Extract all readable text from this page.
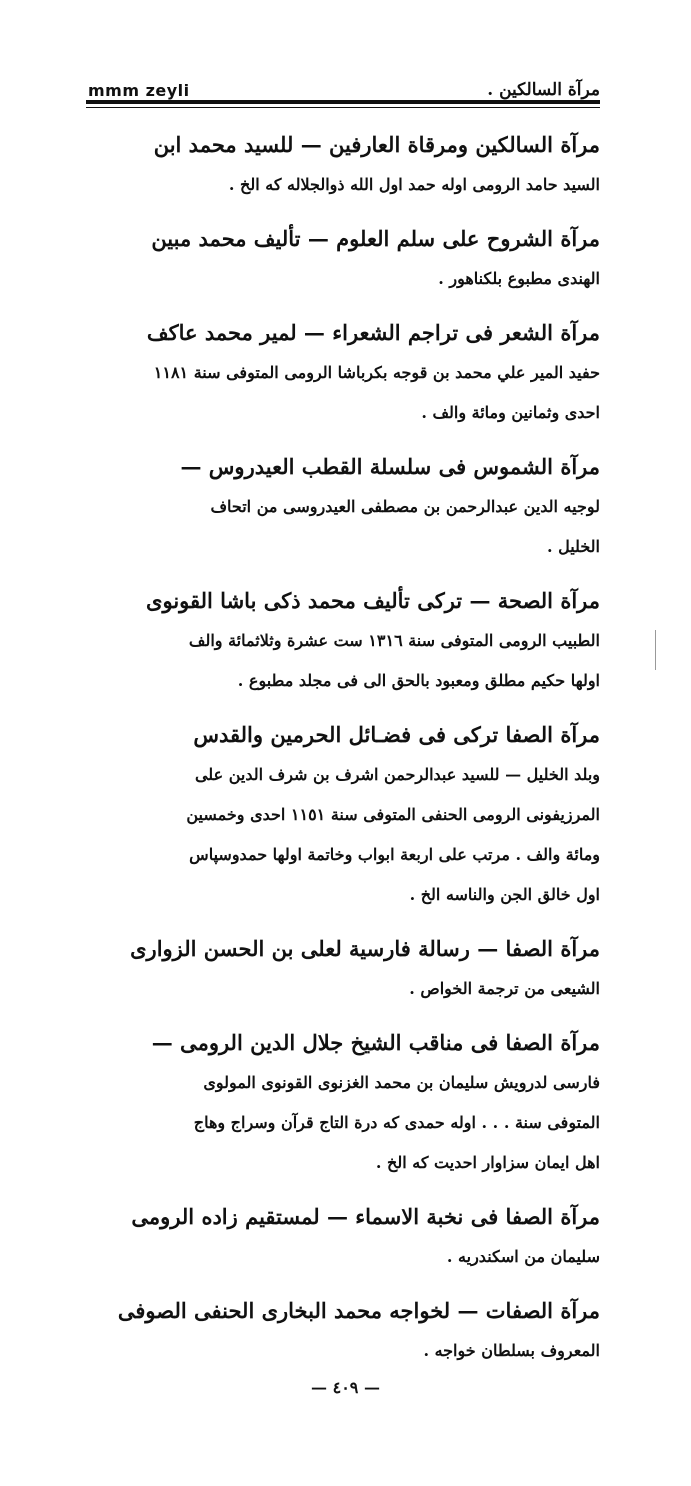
mmm zeyli	مرآة السالكين .
مرآة السالكين ومرقاة العارفين — للسيد محمد ابن
السيد حامد الرومى اوله حمد اول الله ذوالجلاله كه الخ .
مرآة الشروح على سلم العلوم — تأليف محمد مبين
الهندى مطبوع بلكناهور .
مرآة الشعر فى تراجم الشعراء — لمير محمد عاكف
حفيد المير علي محمد بن قوجه بكرباشا الرومى المتوفى سنة ١١٨١
احدى وثمانين ومائة والف .
مرآة الشموس فى سلسلة القطب العيدروس —
لوجيه الدين عبدالرحمن بن مصطفى العيدروسى من اتحاف
الخليل .
مرآة الصحة — تركى تأليف محمد ذكى باشا القونوى
الطبيب الرومى المتوفى سنة ١٣١٦ ست عشرة وثلاثمائة والف
اولها حكيم مطلق ومعبود بالحق الى فى مجلد مطبوع .
مرآة الصفا تركى فى فضـائل الحرمين والقدس
وبلد الخليل — للسيد عبدالرحمن اشرف بن شرف الدين على
المرزيفونى الرومى الحنفى المتوفى سنة ١١٥١ احدى وخمسين
ومائة والف . مرتب على اربعة ابواب وخاتمة اولها حمدوسپاس
اول خالق الجن والناسه الخ .
مرآة الصفا — رسالة فارسية لعلى بن الحسن الزوارى
الشيعى من ترجمة الخواص .
مرآة الصفا فى مناقب الشيخ جلال الدين الرومى —
فارسى لدرويش سليمان بن محمد الغزنوى القونوى المولوى
المتوفى سنة . . . اوله حمدى كه درة التاج قرآن وسراج وهاج
اهل ايمان سزاوار احديت كه الخ .
مرآة الصفا فى نخبة الاسماء — لمستقيم زاده الرومى
سليمان من اسكندريه .
مرآة الصفات — لخواجه محمد البخارى الحنفى الصوفى
المعروف بسلطان خواجه .
— ٤٠٩ —
